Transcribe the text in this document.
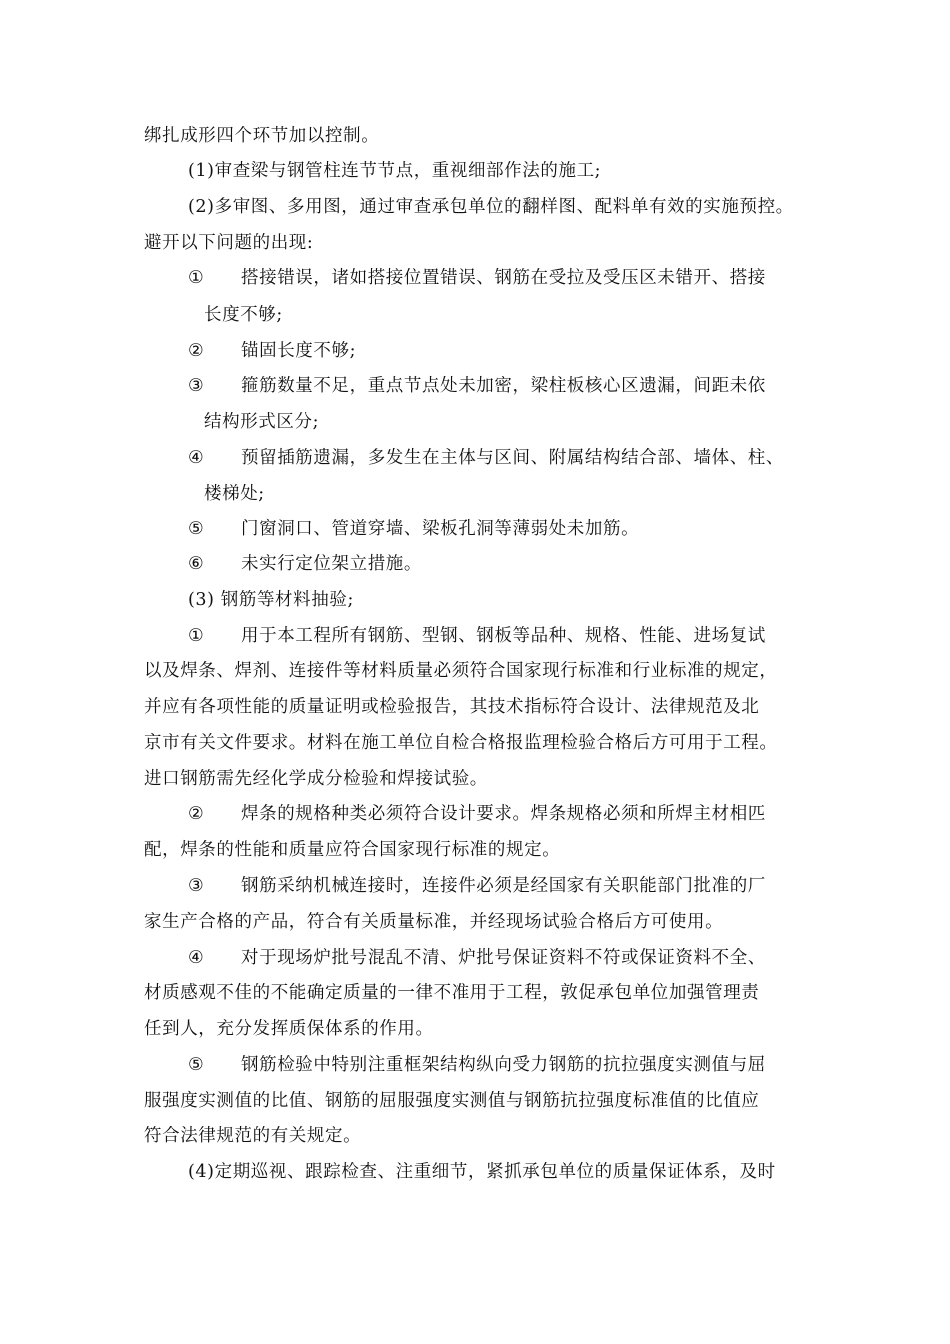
绑扎成形四个环节加以控制。
(1)审查梁与钢管柱连节节点，重视细部作法的施工;
(2)多审图、多用图，通过审查承包单位的翻样图、配料单有效的实施预控。
避开以下问题的出现:
① 搭接错误，诸如搭接位置错误、钢筋在受拉及受压区未错开、搭接
长度不够;
② 锚固长度不够;
③ 箍筋数量不足，重点节点处未加密，梁柱板核心区遗漏，间距未依
结构形式区分;
④ 预留插筋遗漏，多发生在主体与区间、附属结构结合部、墙体、柱、
楼梯处;
⑤ 门窗洞口、管道穿墙、梁板孔洞等薄弱处未加筋。
⑥ 未实行定位架立措施。
(3) 钢筋等材料抽验;
① 用于本工程所有钢筋、型钢、钢板等品种、规格、性能、进场复试
以及焊条、焊剂、连接件等材料质量必须符合国家现行标准和行业标准的规定，
并应有各项性能的质量证明或检验报告，其技术指标符合设计、法律规范及北
京市有关文件要求。材料在施工单位自检合格报监理检验合格后方可用于工程。
进口钢筋需先经化学成分检验和焊接试验。
② 焊条的规格种类必须符合设计要求。焊条规格必须和所焊主材相匹
配，焊条的性能和质量应符合国家现行标准的规定。
③ 钢筋采纳机械连接时，连接件必须是经国家有关职能部门批准的厂
家生产合格的产品，符合有关质量标准，并经现场试验合格后方可使用。
④ 对于现场炉批号混乱不清、炉批号保证资料不符或保证资料不全、
材质感观不佳的不能确定质量的一律不准用于工程，敦促承包单位加强管理责
任到人，充分发挥质保体系的作用。
⑤ 钢筋检验中特别注重框架结构纵向受力钢筋的抗拉强度实测值与屈
服强度实测值的比值、钢筋的屈服强度实测值与钢筋抗拉强度标准值的比值应
符合法律规范的有关规定。
(4)定期巡视、跟踪检查、注重细节，紧抓承包单位的质量保证体系，及时
